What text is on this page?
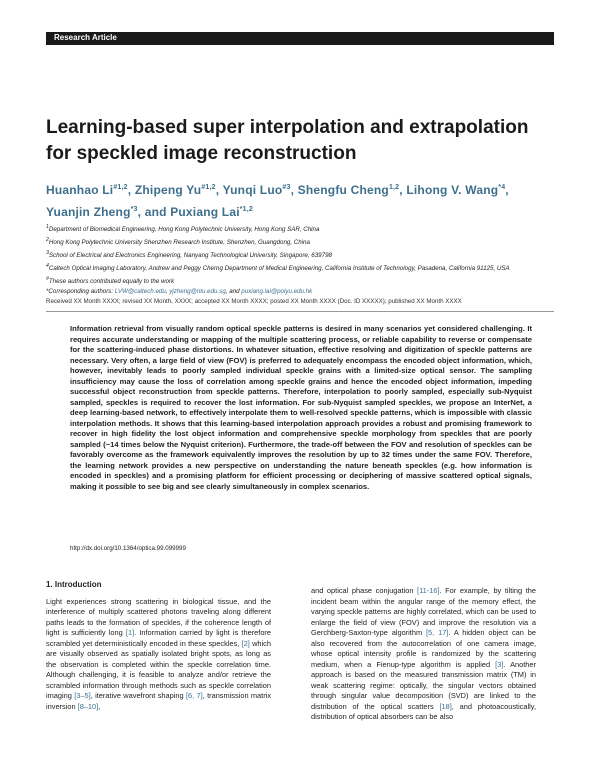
Research Article
Learning-based super interpolation and extrapolation for speckled image reconstruction
Huanhao Li$^{\#1,2}$, Zhipeng Yu$^{\#1,2}$, Yunqi Luo$^{\#3}$, Shengfu Cheng$^{1,2}$, Lihong V. Wang$^{*4}$, Yuanjin Zheng$^{*3}$, and Puxiang Lai$^{*1,2}$
$^1$Department of Biomedical Engineering, Hong Kong Polytechnic University, Hong Kong SAR, China
$^2$Hong Kong Polytechnic University Shenzhen Research Institute, Shenzhen, Guangdong, China
$^3$School of Electrical and Electronics Engineering, Nanyang Technological University, Singapore, 639798
$^4$Caltech Optical Imaging Laboratory, Andrew and Peggy Cherng Department of Medical Engineering, California Institute of Technology, Pasadena, California 91125, USA
#These authors contributed equally to the work
*Corresponding authors: LVW@caltech.edu, yjzheng@ntu.edu.sg, and puxiang.lai@polyu.edu.hk
Received XX Month XXXX; revised XX Month, XXXX; accepted XX Month XXXX; posted XX Month XXXX (Doc. ID XXXXX); published XX Month XXXX

Information retrieval from visually random optical speckle patterns is desired in many scenarios yet considered challenging. It requires accurate understanding or mapping of the multiple scattering process, or reliable capability to reverse or compensate for the scattering-induced phase distortions. In whatever situation, effective resolving and digitization of speckle patterns are necessary. Very often, a large field of view (FOV) is preferred to adequately encompass the encoded object information, which, however, inevitably leads to poorly sampled individual speckle grains with a limited-size optical sensor. The sampling insufficiency may cause the loss of correlation among speckle grains and hence the encoded object information, impeding successful object reconstruction from speckle patterns. Therefore, interpolation to poorly sampled, especially sub-Nyquist sampled, speckles is required to recover the lost information. For sub-Nyquist sampled speckles, we propose an InterNet, a deep learning-based network, to effectively interpolate them to well-resolved speckle patterns, which is impossible with classic interpolation methods. It shows that this learning-based interpolation approach provides a robust and promising framework to recover in high fidelity the lost object information and comprehensive speckle morphology from speckles that are poorly sampled (~14 times below the Nyquist criterion). Furthermore, the trade-off between the FOV and resolution of speckles can be favorably overcome as the framework equivalently improves the resolution by up to 32 times under the same FOV. Therefore, the learning network provides a new perspective on understanding the nature beneath speckles (e.g. how information is encoded in speckles) and a promising platform for efficient processing or deciphering of massive scattered optical signals, making it possible to see big and see clearly simultaneously in complex scenarios.

http://dx.doi.org/10.1364/optica.99.099999
1. Introduction

Light experiences strong scattering in biological tissue, and the interference of multiply scattered photons traveling along different paths leads to the formation of speckles, if the coherence length of light is sufficiently long [1]. Information carried by light is therefore scrambled yet deterministically encoded in these speckles, [2] which are visually observed as spatially isolated bright spots, as long as the observation is completed within the speckle correlation time. Although challenging, it is feasible to analyze and/or retrieve the scrambled information through methods such as speckle correlation imaging [3–5], iterative wavefront shaping [6, 7], transmission matrix inversion [8–10],

and optical phase conjugation [11-16]. For example, by tilting the incident beam within the angular range of the memory effect, the varying speckle patterns are highly correlated, which can be used to enlarge the field of view (FOV) and improve the resolution via a Gerchberg-Saxton-type algorithm [5, 17]. A hidden object can be also recovered from the autocorrelation of one camera image, whose optical intensity profile is randomized by the scattering medium, when a Fienup-type algorithm is applied [3]. Another approach is based on the measured transmission matrix (TM) in weak scattering regime: optically, the singular vectors obtained through singular value decomposition (SVD) are linked to the distribution of the optical scatters [18], and photoacoustically, distribution of optical absorbers can be also
